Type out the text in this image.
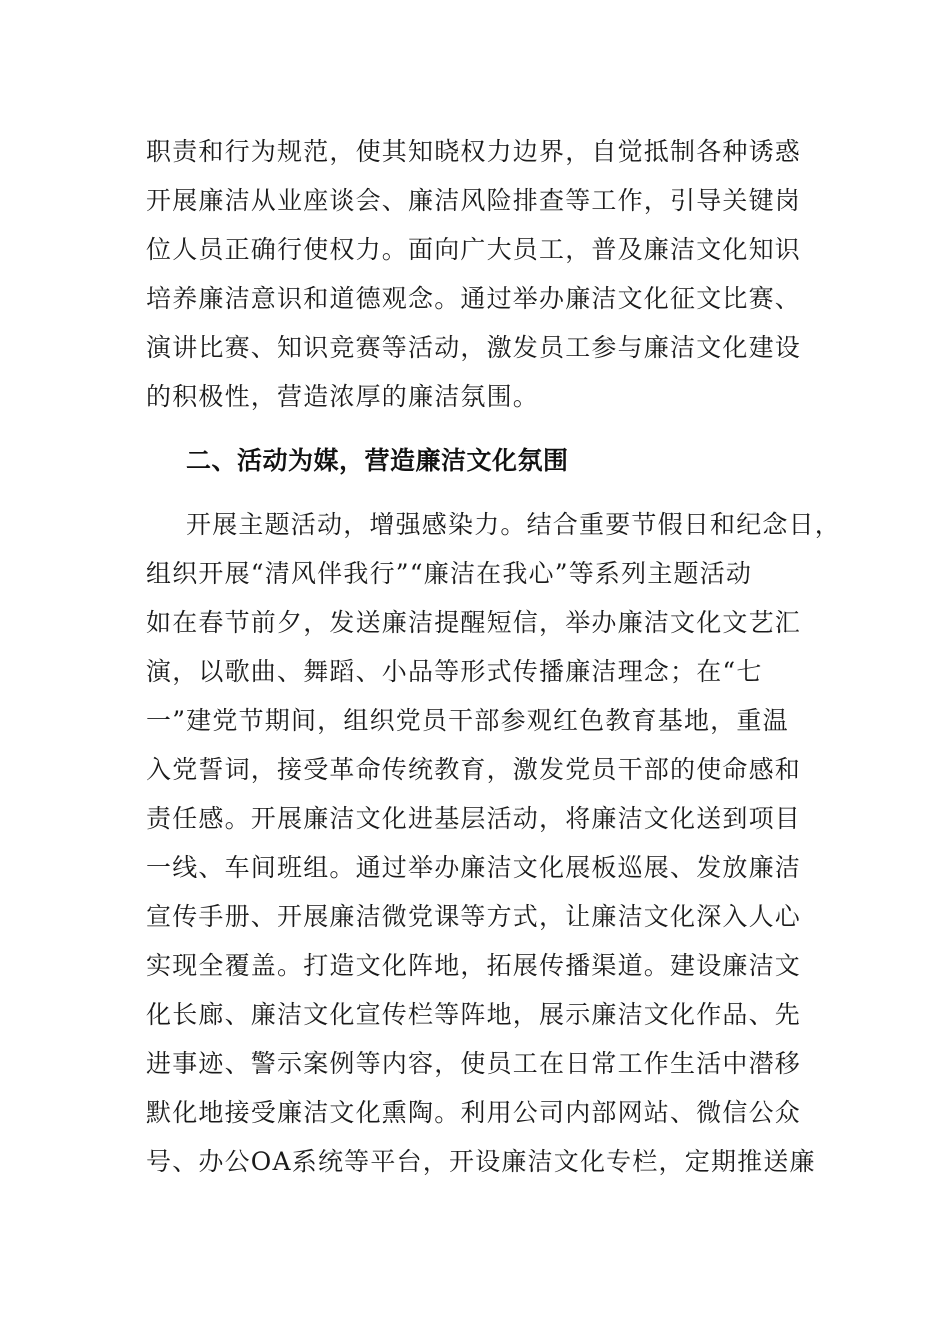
职责和行为规范，使其知晓权力边界，自觉抵制各种诱惑
开展廉洁从业座谈会、廉洁风险排查等工作，引导关键岗
位人员正确行使权力。面向广大员工，普及廉洁文化知识
培养廉洁意识和道德观念。通过举办廉洁文化征文比赛、
演讲比赛、知识竞赛等活动，激发员工参与廉洁文化建设
的积极性，营造浓厚的廉洁氛围。
二、活动为媒，营造廉洁文化氛围
开展主题活动，增强感染力。结合重要节假日和纪念日，
组织开展“清风伴我行”“廉洁在我心”等系列主题活动
如在春节前夕，发送廉洁提醒短信，举办廉洁文化文艺汇
演，以歌曲、舞蹈、小品等形式传播廉洁理念；在“七
一”建党节期间，组织党员干部参观红色教育基地，重温
入党誓词，接受革命传统教育，激发党员干部的使命感和
责任感。开展廉洁文化进基层活动，将廉洁文化送到项目
一线、车间班组。通过举办廉洁文化展板巡展、发放廉洁
宣传手册、开展廉洁微党课等方式，让廉洁文化深入人心
实现全覆盖。打造文化阵地，拓展传播渠道。建设廉洁文
化长廊、廉洁文化宣传栏等阵地，展示廉洁文化作品、先
进事迹、警示案例等内容，使员工在日常工作生活中潜移
默化地接受廉洁文化熏陶。利用公司内部网站、微信公众
号、办公OA系统等平台，开设廉洁文化专栏，定期推送廉
